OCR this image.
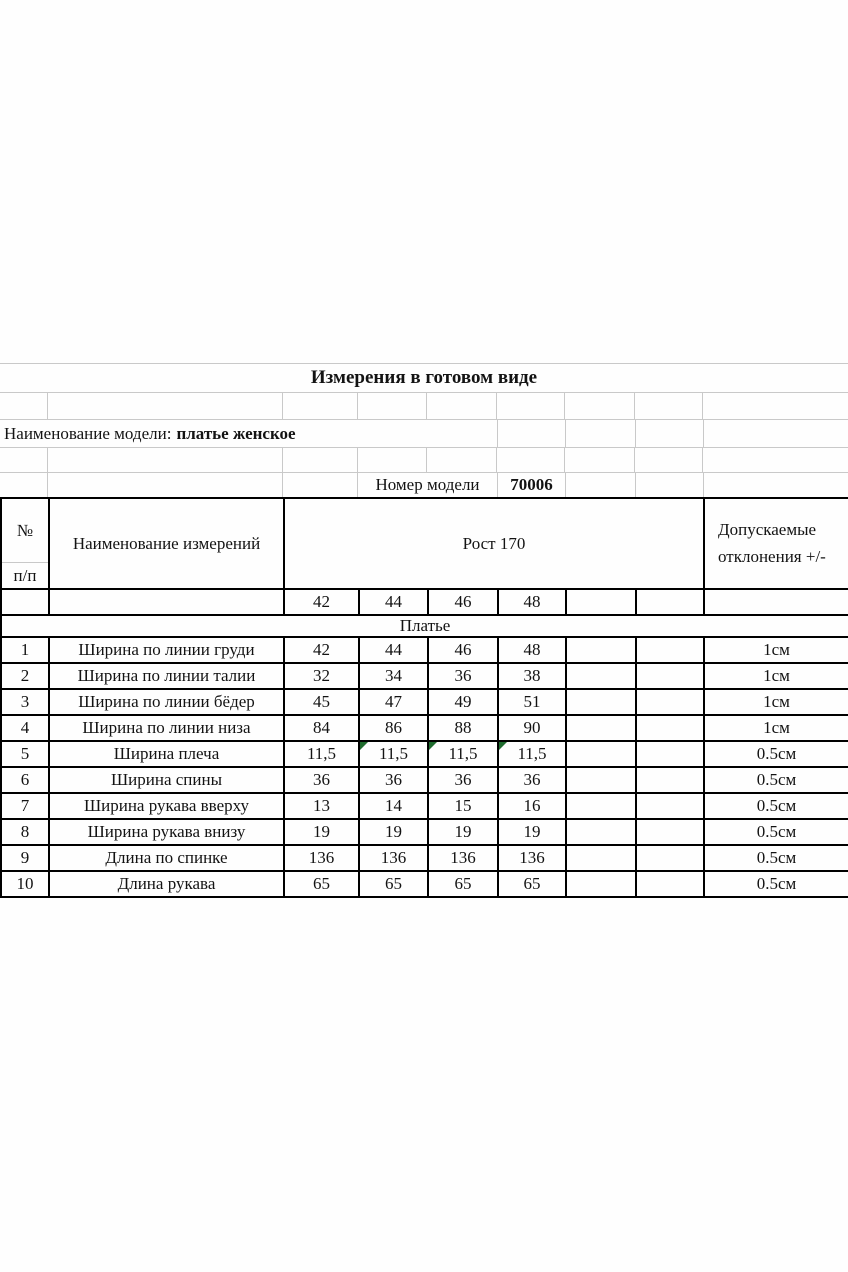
Измерения в готовом виде
Наименование модели: платье женское
Номер модели	70006
№
п/п
	Наименование измерений	Рост 170	
Допускаемые
отклонения +/-

		42	44	46	48			
Платье								
1	Ширина по линии груди	42	44	46	48			1см
2	Ширина по линии талии	32	34	36	38			1см
3	Ширина по линии бёдер	45	47	49	51			1см
4	Ширина по линии низа	84	86	88	90			1см
5	Ширина плеча	11,5	11,5	11,5	11,5			0.5см
6	Ширина спины	36	36	36	36			0.5см
7	Ширина рукава вверху	13	14	15	16			0.5см
8	Ширина рукава внизу	19	19	19	19			0.5см
9	Длина по спинке	136	136	136	136			0.5см
10	Длина рукава	65	65	65	65			0.5см
